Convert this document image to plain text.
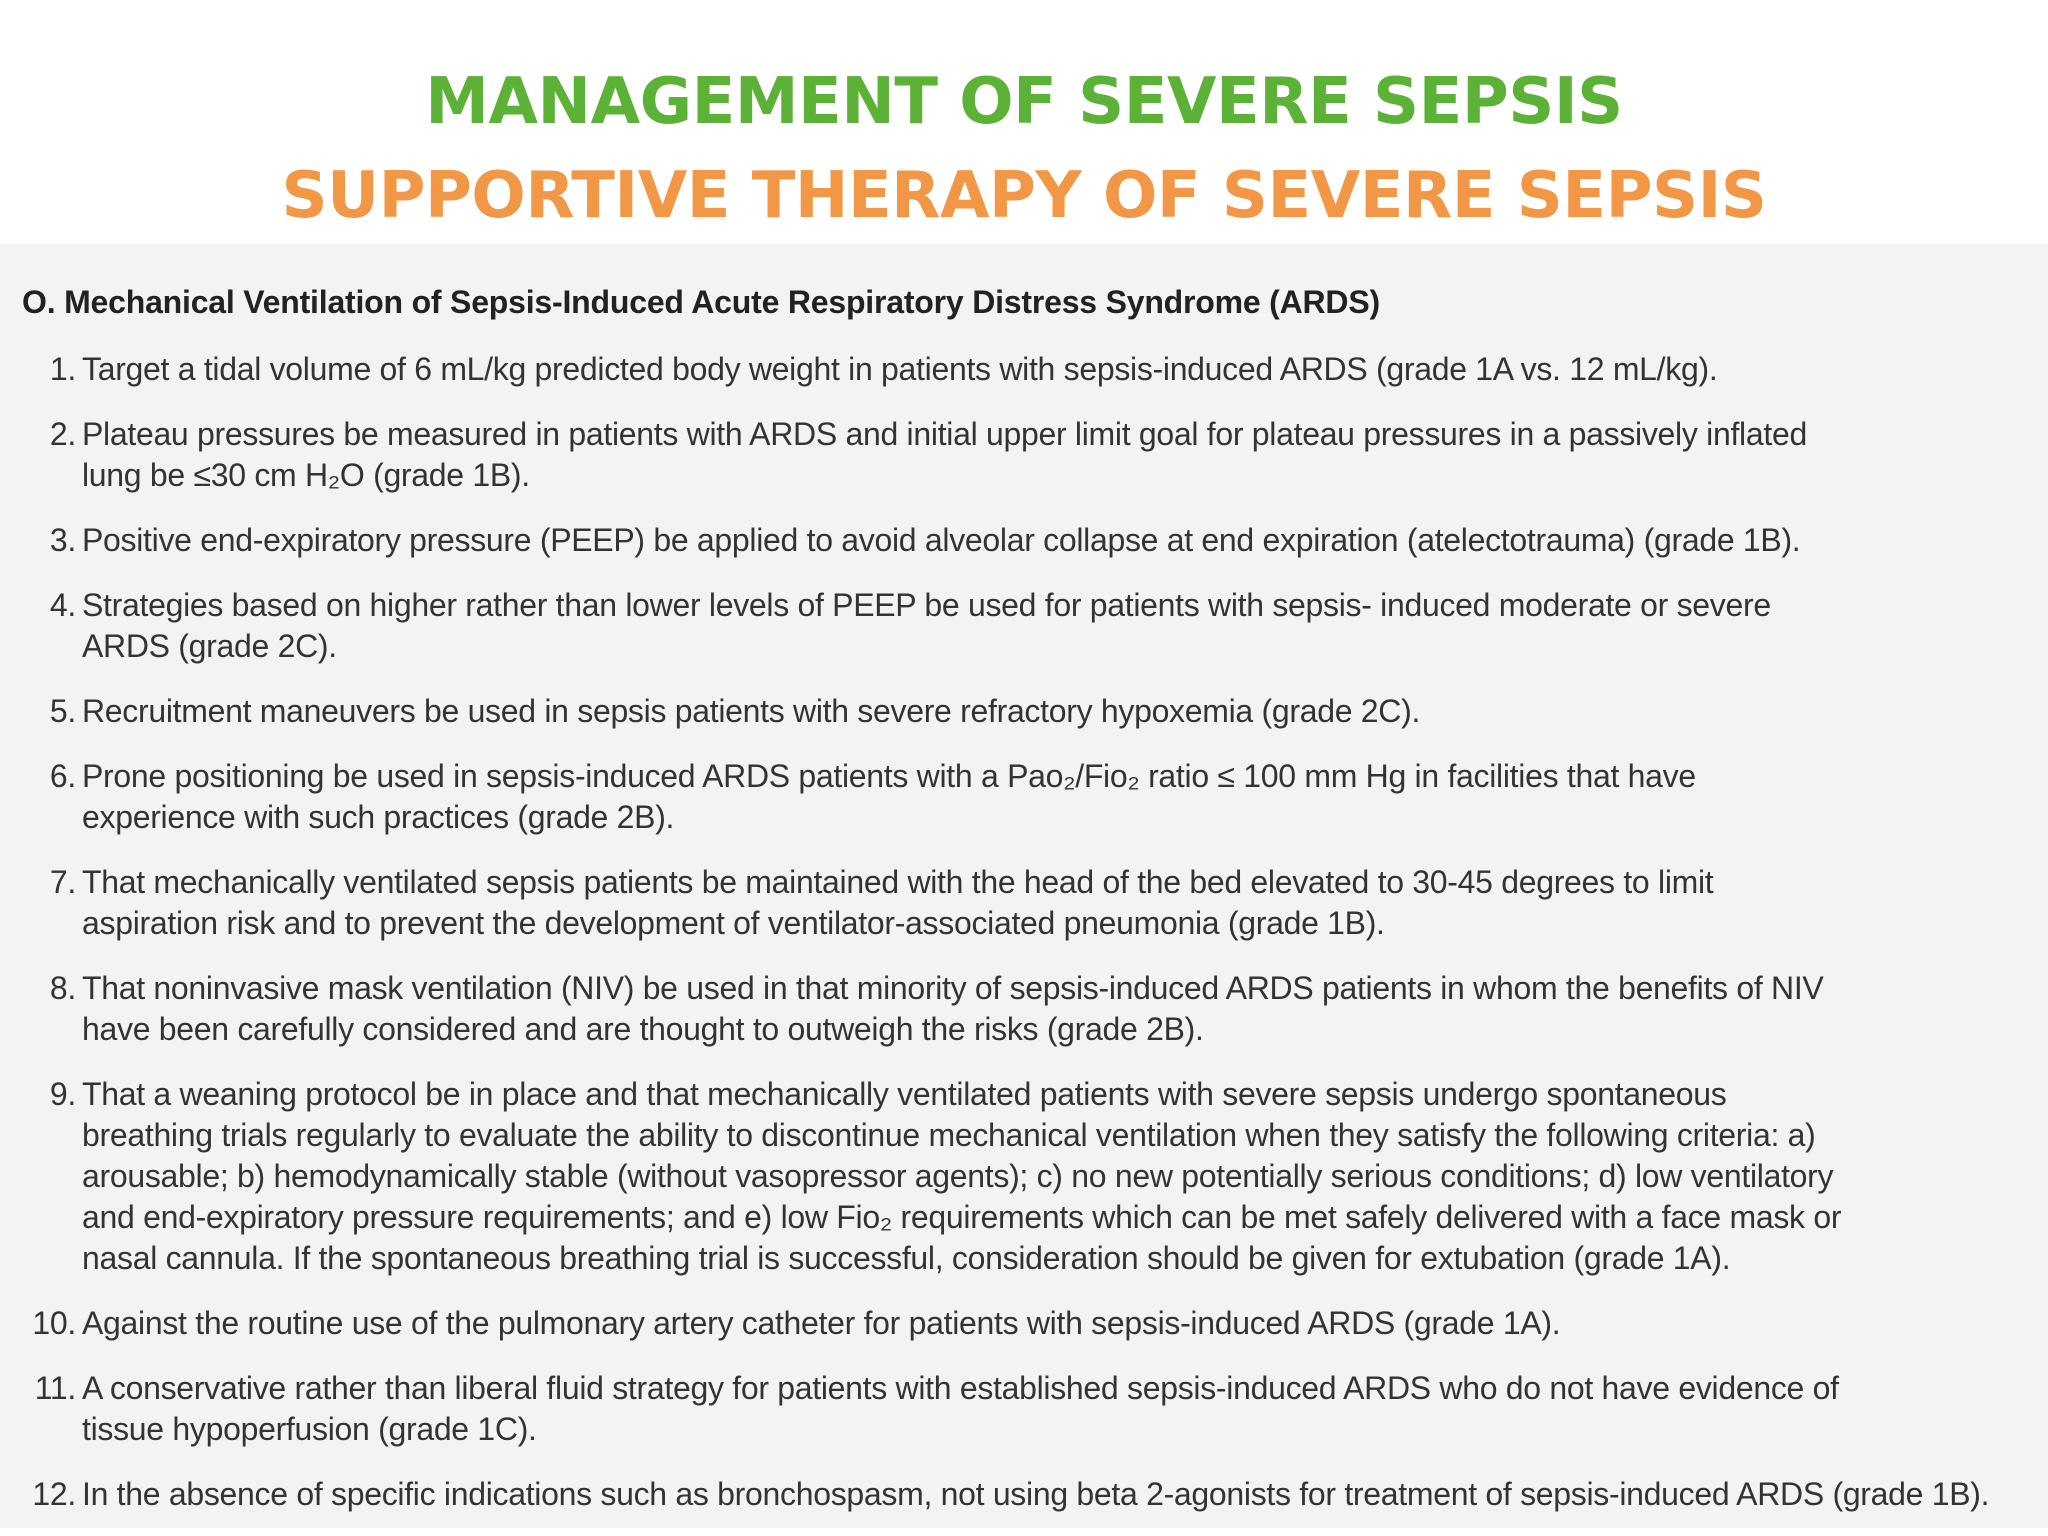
MANAGEMENT OF SEVERE SEPSIS
SUPPORTIVE THERAPY OF SEVERE SEPSIS
O. Mechanical Ventilation of Sepsis-Induced Acute Respiratory Distress Syndrome (ARDS)
1. Target a tidal volume of 6 mL/kg predicted body weight in patients with sepsis-induced ARDS (grade 1A vs. 12 mL/kg).
2. Plateau pressures be measured in patients with ARDS and initial upper limit goal for plateau pressures in a passively inflated
lung be ≤30 cm H₂O (grade 1B).
3. Positive end-expiratory pressure (PEEP) be applied to avoid alveolar collapse at end expiration (atelectotrauma) (grade 1B).
4. Strategies based on higher rather than lower levels of PEEP be used for patients with sepsis- induced moderate or severe
ARDS (grade 2C).
5. Recruitment maneuvers be used in sepsis patients with severe refractory hypoxemia (grade 2C).
6. Prone positioning be used in sepsis-induced ARDS patients with a Pao₂/Fio₂ ratio ≤ 100 mm Hg in facilities that have
experience with such practices (grade 2B).
7. That mechanically ventilated sepsis patients be maintained with the head of the bed elevated to 30-45 degrees to limit
aspiration risk and to prevent the development of ventilator-associated pneumonia (grade 1B).
8. That noninvasive mask ventilation (NIV) be used in that minority of sepsis-induced ARDS patients in whom the benefits of NIV
have been carefully considered and are thought to outweigh the risks (grade 2B).
9. That a weaning protocol be in place and that mechanically ventilated patients with severe sepsis undergo spontaneous
breathing trials regularly to evaluate the ability to discontinue mechanical ventilation when they satisfy the following criteria: a)
arousable; b) hemodynamically stable (without vasopressor agents); c) no new potentially serious conditions; d) low ventilatory
and end-expiratory pressure requirements; and e) low Fio₂ requirements which can be met safely delivered with a face mask or
nasal cannula. If the spontaneous breathing trial is successful, consideration should be given for extubation (grade 1A).
10. Against the routine use of the pulmonary artery catheter for patients with sepsis-induced ARDS (grade 1A).
11. A conservative rather than liberal fluid strategy for patients with established sepsis-induced ARDS who do not have evidence of
tissue hypoperfusion (grade 1C).
12. In the absence of specific indications such as bronchospasm, not using beta 2-agonists for treatment of sepsis-induced ARDS (grade 1B).
